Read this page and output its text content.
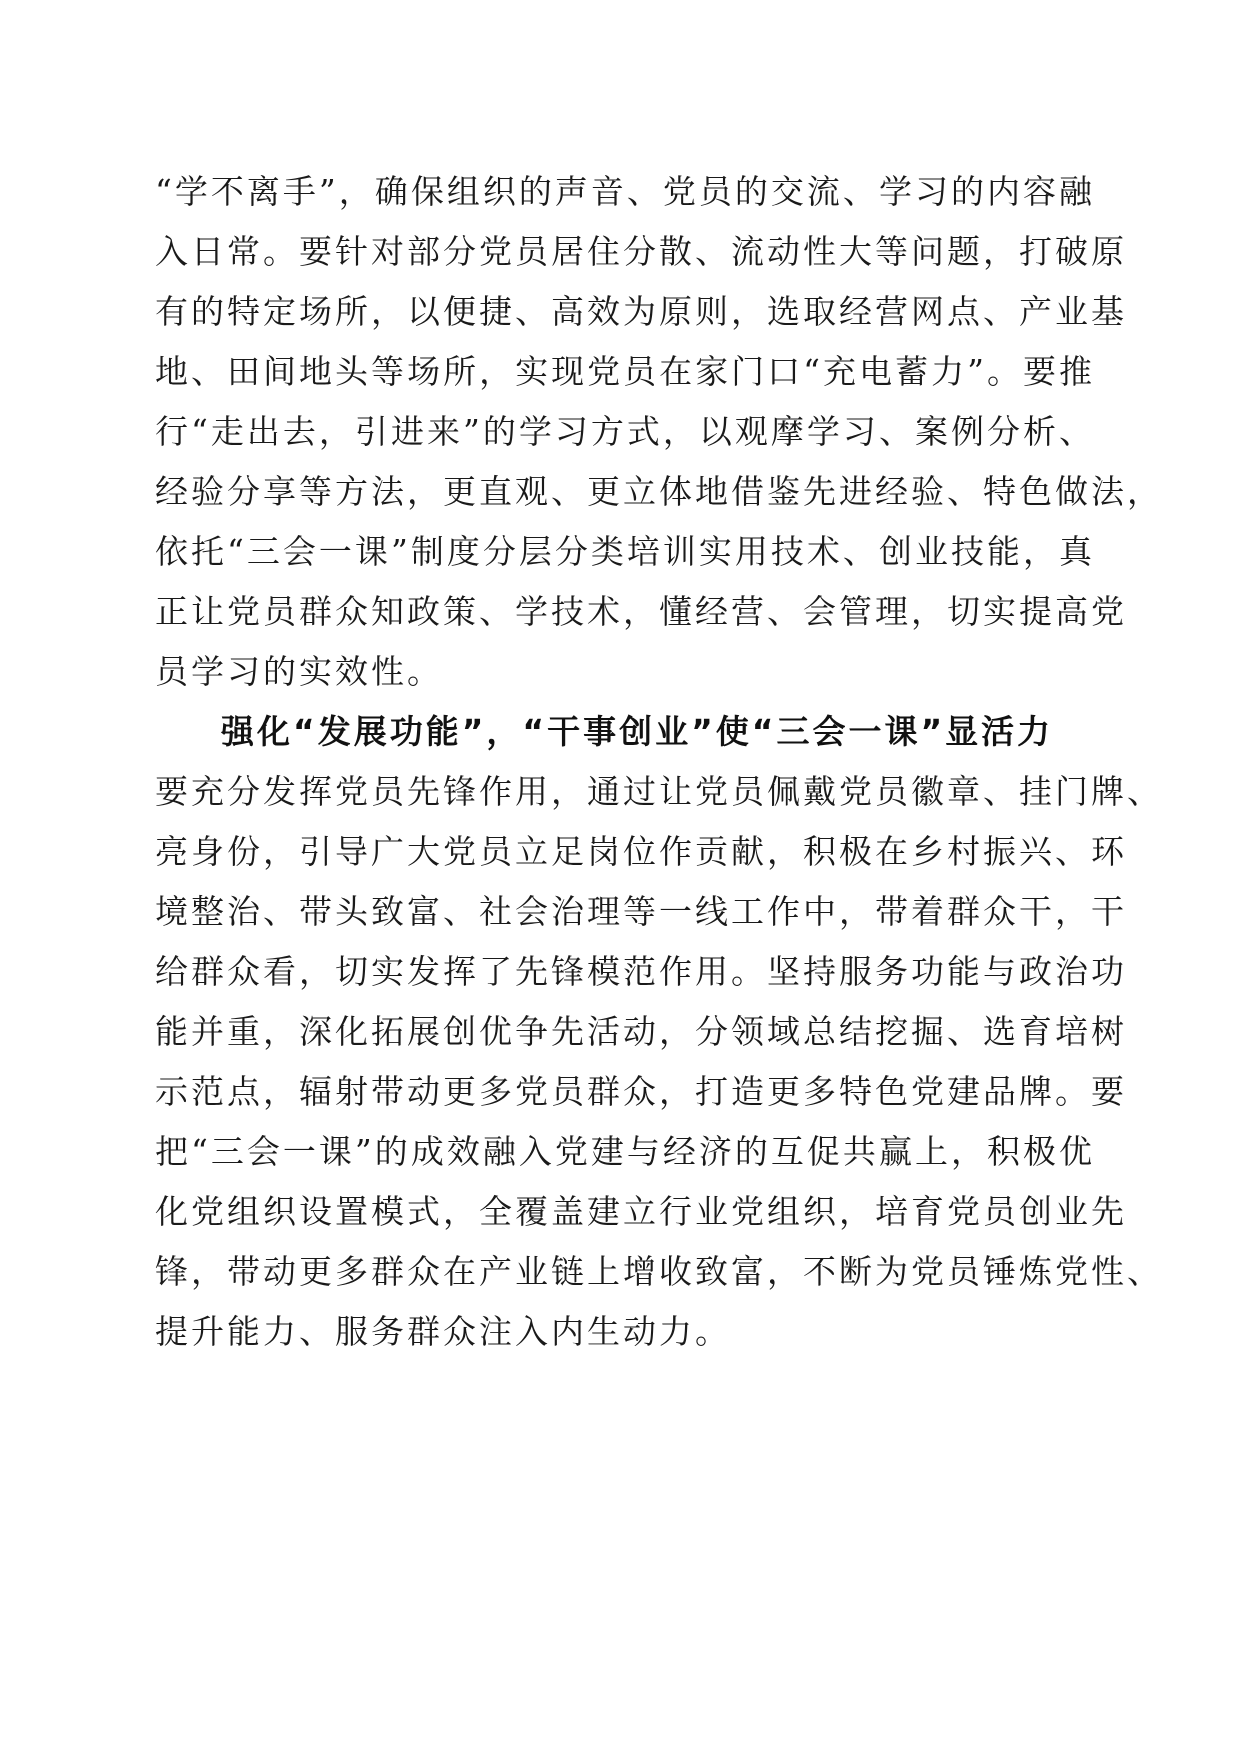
“学不离手”，确保组织的声音、党员的交流、学习的内容融
入日常。要针对部分党员居住分散、流动性大等问题，打破原
有的特定场所，以便捷、高效为原则，选取经营网点、产业基
地、田间地头等场所，实现党员在家门口“充电蓄力”。要推
行“走出去，引进来”的学习方式，以观摩学习、案例分析、
经验分享等方法，更直观、更立体地借鉴先进经验、特色做法，
依托“三会一课”制度分层分类培训实用技术、创业技能，真
正让党员群众知政策、学技术，懂经营、会管理，切实提高党
员学习的实效性。
强化“发展功能”，“干事创业”使“三会一课”显活力
要充分发挥党员先锋作用，通过让党员佩戴党员徽章、挂门牌、
亮身份，引导广大党员立足岗位作贡献，积极在乡村振兴、环
境整治、带头致富、社会治理等一线工作中，带着群众干，干
给群众看，切实发挥了先锋模范作用。坚持服务功能与政治功
能并重，深化拓展创优争先活动，分领域总结挖掘、选育培树
示范点，辐射带动更多党员群众，打造更多特色党建品牌。要
把“三会一课”的成效融入党建与经济的互促共赢上，积极优
化党组织设置模式，全覆盖建立行业党组织，培育党员创业先
锋，带动更多群众在产业链上增收致富，不断为党员锤炼党性、
提升能力、服务群众注入内生动力。
